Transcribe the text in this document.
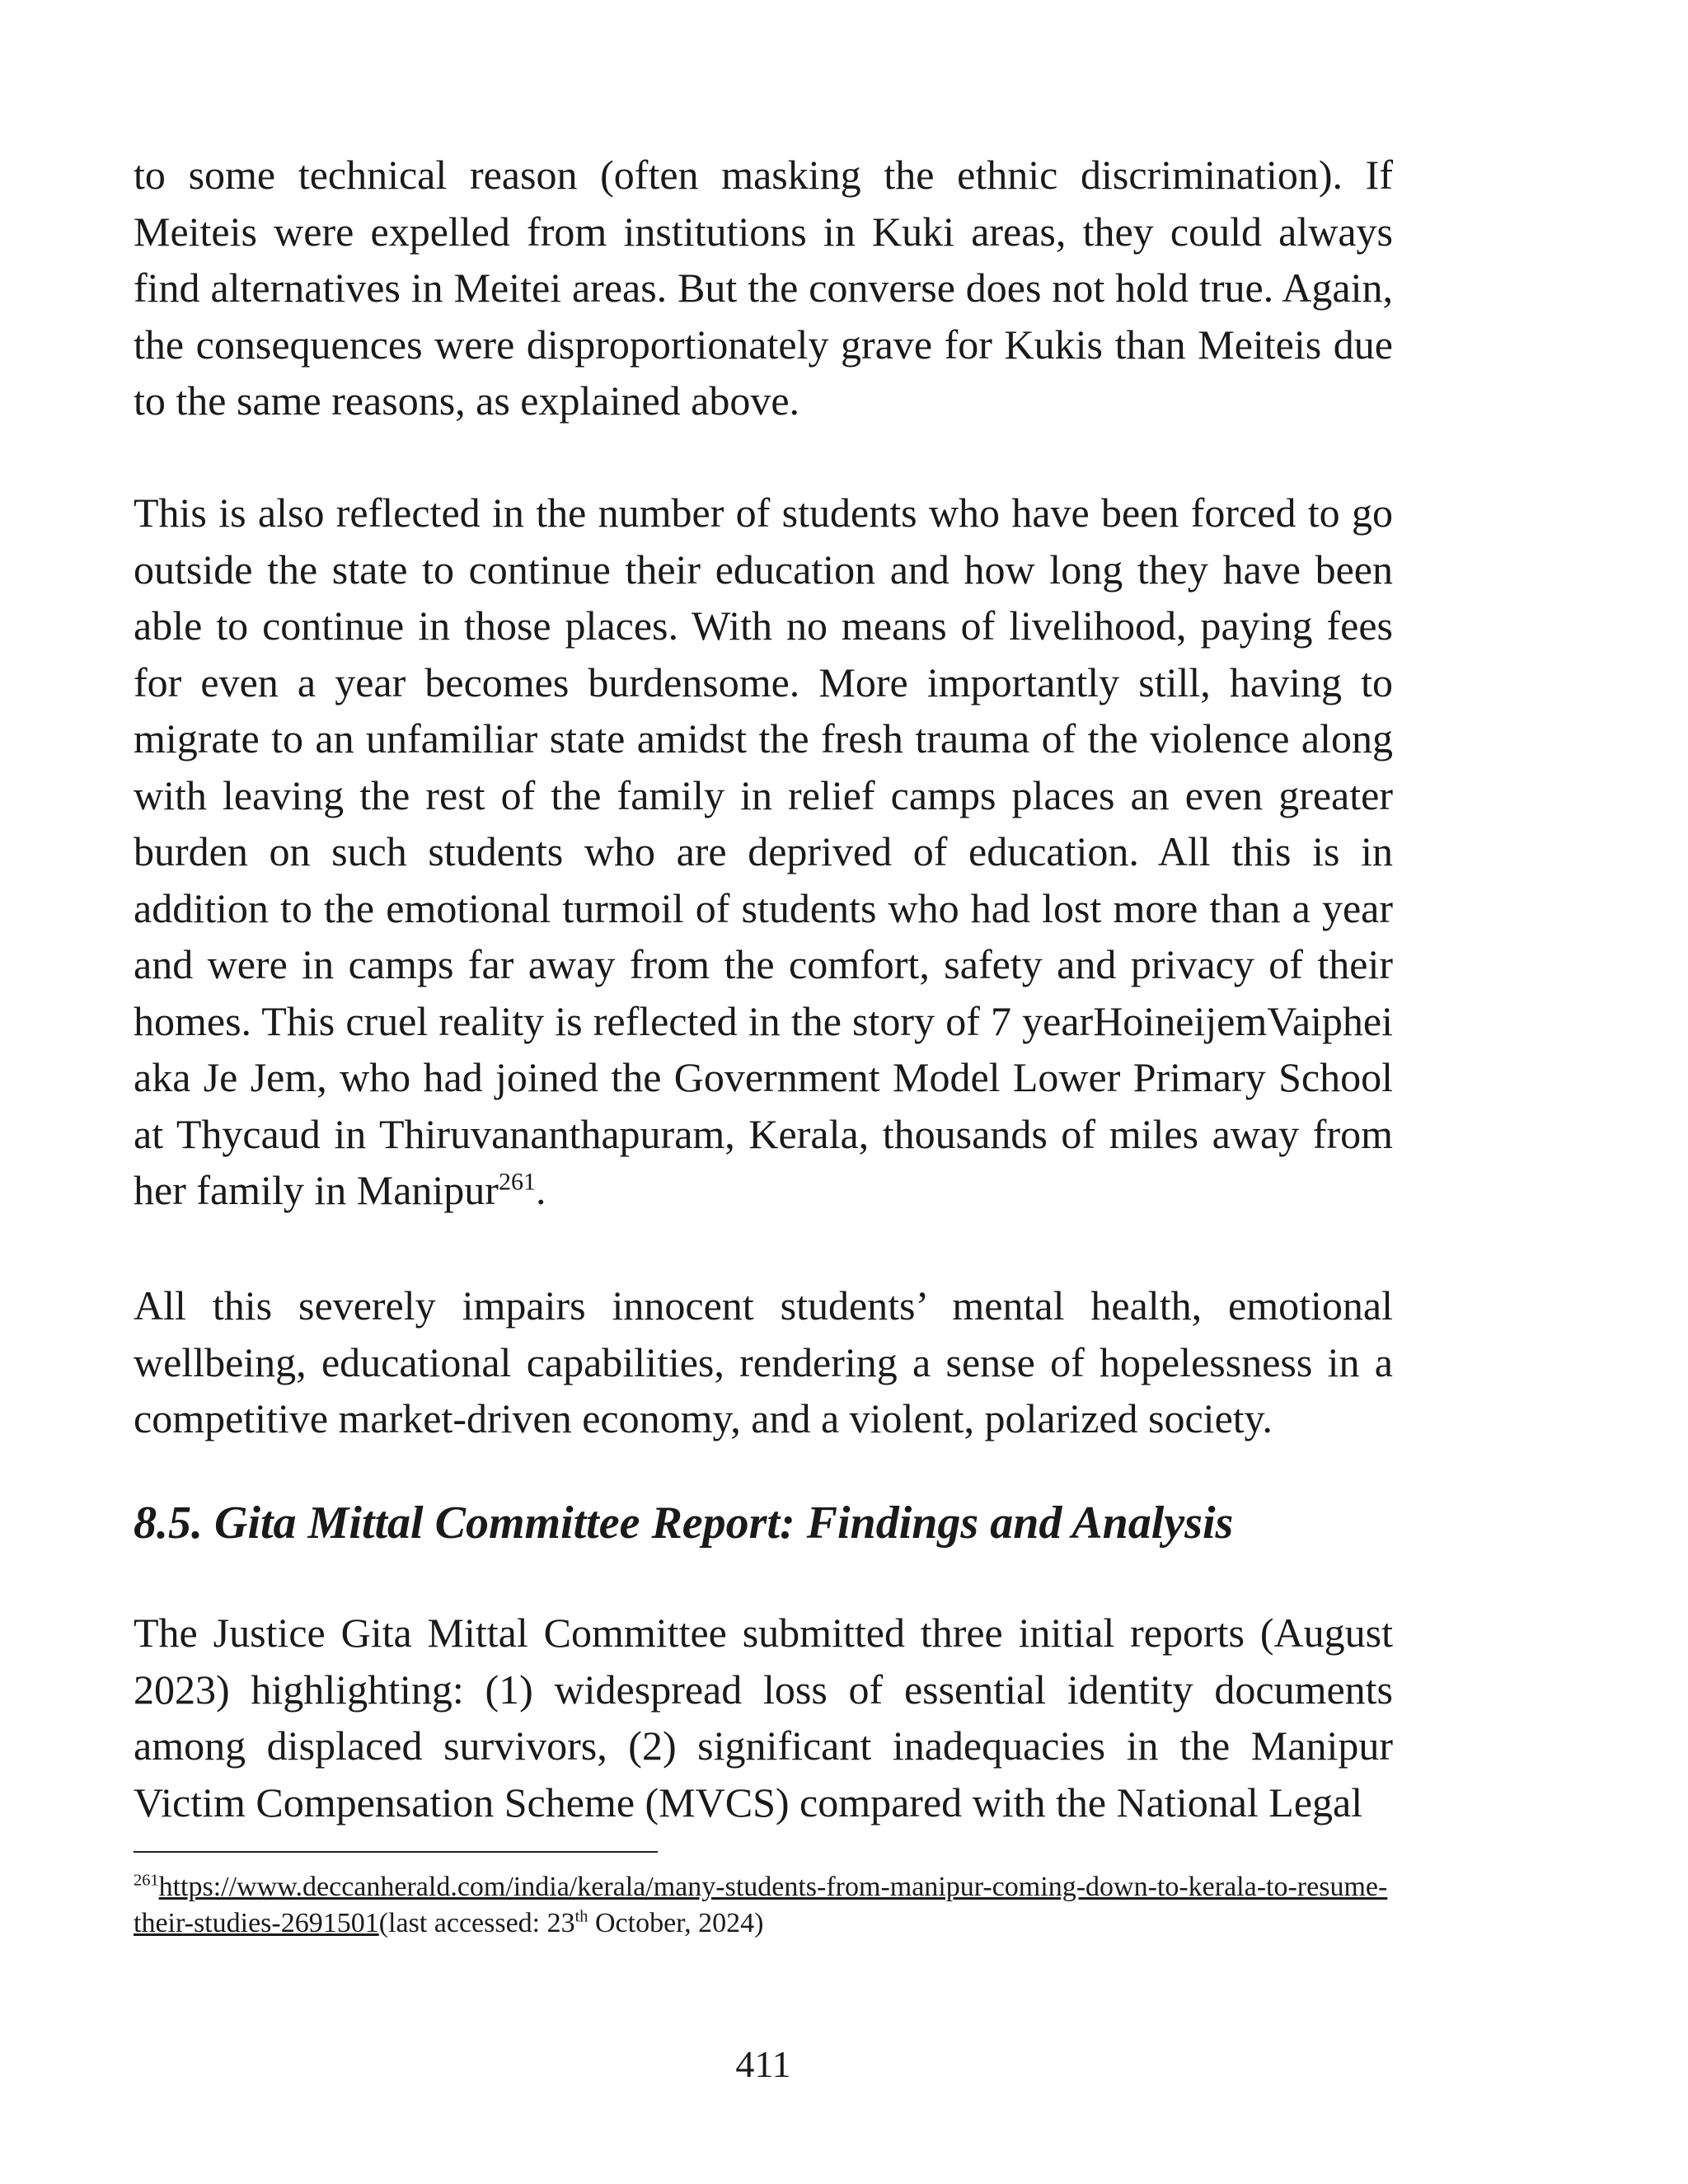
to some technical reason (often masking the ethnic discrimination). If Meiteis were expelled from institutions in Kuki areas, they could always find alternatives in Meitei areas. But the converse does not hold true. Again, the consequences were disproportionately grave for Kukis than Meiteis due to the same reasons, as explained above.

This is also reflected in the number of students who have been forced to go outside the state to continue their education and how long they have been able to continue in those places. With no means of livelihood, paying fees for even a year becomes burdensome. More importantly still, having to migrate to an unfamiliar state amidst the fresh trauma of the violence along with leaving the rest of the family in relief camps places an even greater burden on such students who are deprived of education. All this is in addition to the emotional turmoil of students who had lost more than a year and were in camps far away from the comfort, safety and privacy of their homes. This cruel reality is reflected in the story of 7 yearHoineijemVaiphei aka Je Jem, who had joined the Government Model Lower Primary School at Thycaud in Thiruvananthapuram, Kerala, thousands of miles away from her family in Manipur$^{261}$.

All this severely impairs innocent students’ mental health, emotional wellbeing, educational capabilities, rendering a sense of hopelessness in a competitive market-driven economy, and a violent, polarized society.

8.5. Gita Mittal Committee Report: Findings and Analysis

The Justice Gita Mittal Committee submitted three initial reports (August 2023) highlighting: (1) widespread loss of essential identity documents among displaced survivors, (2) significant inadequacies in the Manipur Victim Compensation Scheme (MVCS) compared with the National Legal

$^{261}$https://www.deccanherald.com/india/kerala/many-students-from-manipur-coming-down-to-kerala-to-resume-their-studies-2691501(last accessed: 23th October, 2024)

411
